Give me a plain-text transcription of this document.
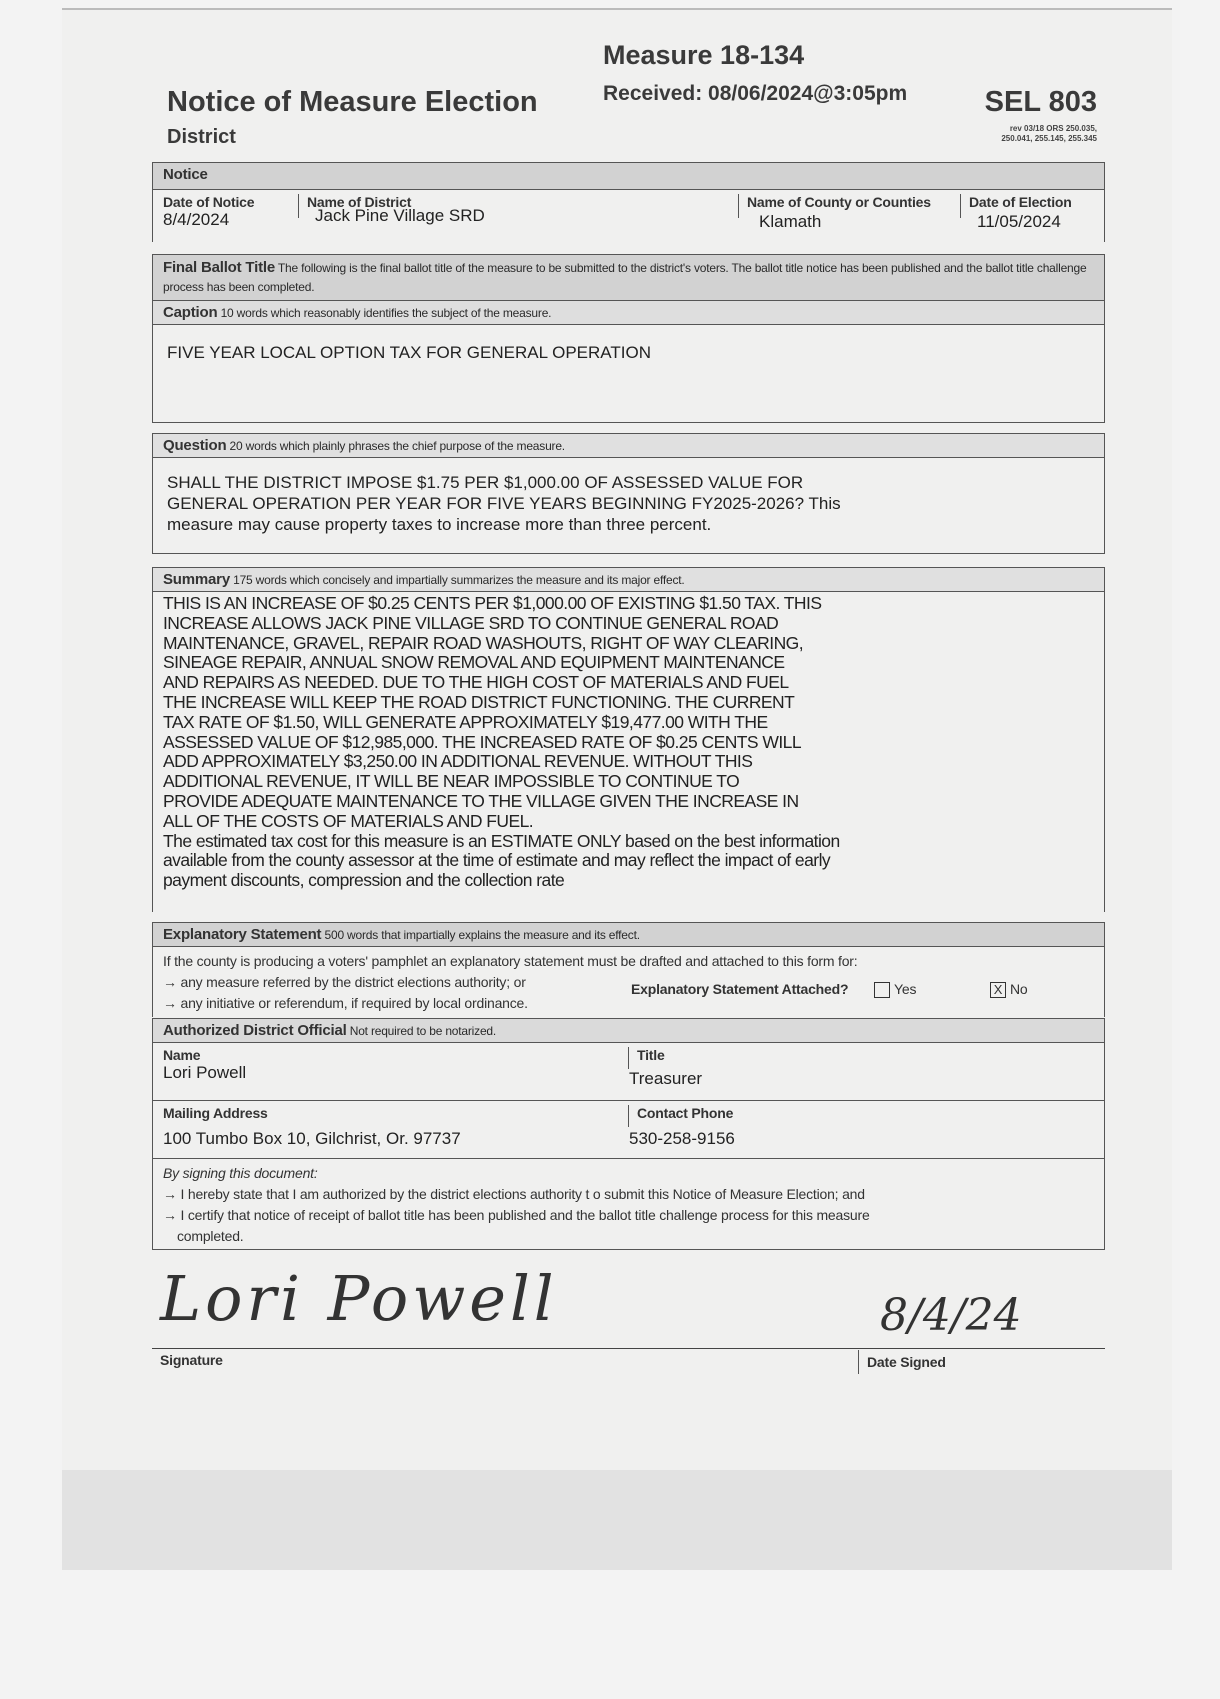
Measure 18-134
Received: 08/06/2024@3:05pm
Notice of Measure Election
District
SEL 803
rev 03/18 ORS 250.035,
250.041, 255.145, 255.345
Notice
Date of Notice
8/4/2024
Name of District
Jack Pine Village SRD
Name of County or Counties
Klamath
Date of Election
11/05/2024
Final Ballot Title The following is the final ballot title of the measure to be submitted to the district's voters. The ballot title notice has been published and the ballot title challenge process has been completed.
Caption 10 words which reasonably identifies the subject of the measure.
FIVE YEAR LOCAL OPTION TAX FOR GENERAL OPERATION
Question 20 words which plainly phrases the chief purpose of the measure.
SHALL THE DISTRICT IMPOSE $1.75 PER $1,000.00 OF ASSESSED VALUE FOR
GENERAL OPERATION PER YEAR FOR FIVE YEARS BEGINNING FY2025-2026? This
measure may cause property taxes to increase more than three percent.
Summary 175 words which concisely and impartially summarizes the measure and its major effect.
THIS IS AN INCREASE OF $0.25 CENTS PER $1,000.00 OF EXISTING $1.50 TAX. THIS
INCREASE ALLOWS JACK PINE VILLAGE SRD TO CONTINUE GENERAL ROAD
MAINTENANCE, GRAVEL, REPAIR ROAD WASHOUTS, RIGHT OF WAY CLEARING,
SINEAGE REPAIR, ANNUAL SNOW REMOVAL AND EQUIPMENT MAINTENANCE
AND REPAIRS AS NEEDED. DUE TO THE HIGH COST OF MATERIALS AND FUEL
THE INCREASE WILL KEEP THE ROAD DISTRICT FUNCTIONING. THE CURRENT
TAX RATE OF $1.50, WILL GENERATE APPROXIMATELY $19,477.00 WITH THE
ASSESSED VALUE OF $12,985,000. THE INCREASED RATE OF $0.25 CENTS WILL
ADD APPROXIMATELY $3,250.00 IN ADDITIONAL REVENUE. WITHOUT THIS
ADDITIONAL REVENUE, IT WILL BE NEAR IMPOSSIBLE TO CONTINUE TO
PROVIDE ADEQUATE MAINTENANCE TO THE VILLAGE GIVEN THE INCREASE IN
ALL OF THE COSTS OF MATERIALS AND FUEL.
The estimated tax cost for this measure is an ESTIMATE ONLY based on the best information
available from the county assessor at the time of estimate and may reflect the impact of early
payment discounts, compression and the collection rate
Explanatory Statement 500 words that impartially explains the measure and its effect.
If the county is producing a voters' pamphlet an explanatory statement must be drafted and attached to this form for:
→ any measure referred by the district elections authority; or
→ any initiative or referendum, if required by local ordinance.
Explanatory Statement Attached?	Yes	X No
Authorized District Official Not required to be notarized.
Name
Lori Powell
Title
Treasurer
Mailing Address
100 Tumbo Box 10, Gilchrist, Or. 97737
Contact Phone
530-258-9156
By signing this document:
→ I hereby state that I am authorized by the district elections authority t o submit this Notice of Measure Election; and
→ I certify that notice of receipt of ballot title has been published and the ballot title challenge process for this measure
completed.
Lori Powell
Signature
8/4/24
Date Signed
